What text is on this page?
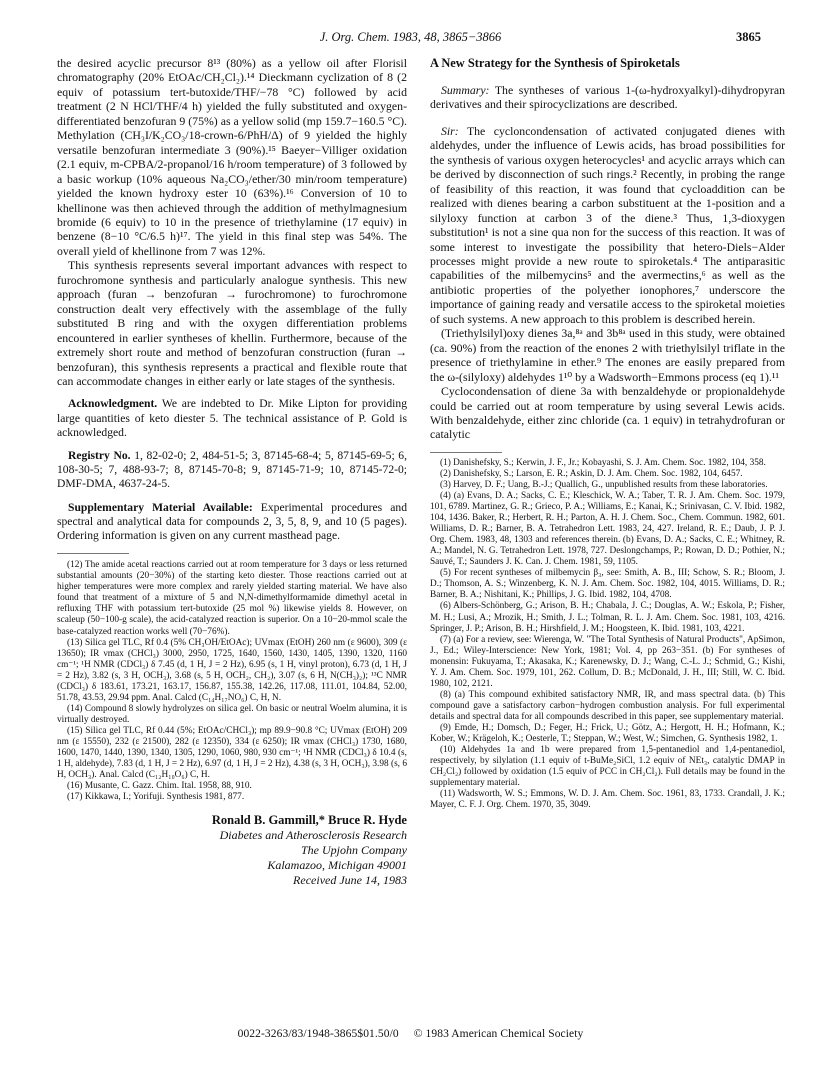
J. Org. Chem. 1983, 48, 3865−3866	3865

the desired acyclic precursor 8¹³ (80%) as a yellow oil after Florisil chromatography (20% EtOAc/CH₂Cl₂).¹⁴ Dieckmann cyclization of 8 (2 equiv of potassium tert-butoxide/THF/−78 °C) followed by acid treatment (2 N HCl/THF/4 h) yielded the fully substituted and oxygen-differentiated benzofuran 9 (75%) as a yellow solid (mp 159.7−160.5 °C). Methylation (CH₃I/K₂CO₃/18-crown-6/PhH/Δ) of 9 yielded the highly versatile benzofuran intermediate 3 (90%).¹⁵ Baeyer−Villiger oxidation (2.1 equiv, m-CPBA/2-propanol/16 h/room temperature) of 3 followed by a basic workup (10% aqueous Na₂CO₃/ether/30 min/room temperature) yielded the known hydroxy ester 10 (63%).¹⁶ Conversion of 10 to khellinone was then achieved through the addition of methylmagnesium bromide (6 equiv) to 10 in the presence of triethylamine (17 equiv) in benzene (8−10 °C/6.5 h)¹⁷. The yield in this final step was 54%. The overall yield of khellinone from 7 was 12%.

This synthesis represents several important advances with respect to furochromone synthesis and particularly analogue synthesis. This new approach (furan → benzofuran → furochromone) to furochromone construction dealt very effectively with the assemblage of the fully substituted B ring and with the oxygen differentiation problems encountered in earlier syntheses of khellin. Furthermore, because of the extremely short route and method of benzofuran construction (furan → benzofuran), this synthesis represents a practical and flexible route that can accommodate changes in either early or late stages of the synthesis.

Acknowledgment. We are indebted to Dr. Mike Lipton for providing large quantities of keto diester 5. The technical assistance of P. Gold is acknowledged.
Registry No. 1, 82-02-0; 2, 484-51-5; 3, 87145-68-4; 5, 87145-69-5; 6, 108-30-5; 7, 488-93-7; 8, 87145-70-8; 9, 87145-71-9; 10, 87145-72-0; DMF-DMA, 4637-24-5.
Supplementary Material Available: Experimental procedures and spectral and analytical data for compounds 2, 3, 5, 8, 9, and 10 (5 pages). Ordering information is given on any current masthead page.

(12) The amide acetal reactions carried out at room temperature for 3 days or less returned substantial amounts (20−30%) of the starting keto diester. Those reactions carried out at higher temperatures were more complex and rarely yielded starting material. We have also found that treatment of a mixture of 5 and N,N-dimethylformamide dimethyl acetal in refluxing THF with potassium tert-butoxide (25 mol %) likewise yields 8. However, on scaleup (50−100-g scale), the acid-catalyzed reaction is superior. On a 10−20-mmol scale the base-catalyzed reaction works well (70−76%).

(13) Silica gel TLC, Rf 0.4 (5% CH₃OH/EtOAc); UVmax (EtOH) 260 nm (ε 9600), 309 (ε 13650); IR νmax (CHCl₃) 3000, 2950, 1725, 1640, 1560, 1430, 1405, 1390, 1320, 1160 cm⁻¹; ¹H NMR (CDCl₃) δ 7.45 (d, 1 H, J = 2 Hz), 6.95 (s, 1 H, vinyl proton), 6.73 (d, 1 H, J = 2 Hz), 3.82 (s, 3 H, OCH₃), 3.68 (s, 5 H, OCH₂, CH₂), 3.07 (s, 6 H, N(CH₃)₂); ¹³C NMR (CDCl₃) δ 183.61, 173.21, 163.17, 156.87, 155.38, 142.26, 117.08, 111.01, 104.84, 52.00, 51.78, 43.53, 29.94 ppm. Anal. Calcd (C₁₄H₁₇NO₆) C, H, N.

(14) Compound 8 slowly hydrolyzes on silica gel. On basic or neutral Woelm alumina, it is virtually destroyed.

(15) Silica gel TLC, Rf 0.44 (5%; EtOAc/CHCl₃); mp 89.9−90.8 °C; UVmax (EtOH) 209 nm (ε 15550), 232 (ε 21500), 282 (ε 12350), 334 (ε 6250); IR νmax (CHCl₃) 1730, 1680, 1600, 1470, 1440, 1390, 1340, 1305, 1290, 1060, 980, 930 cm⁻¹; ¹H NMR (CDCl₃) δ 10.4 (s, 1 H, aldehyde), 7.83 (d, 1 H, J = 2 Hz), 6.97 (d, 1 H, J = 2 Hz), 4.38 (s, 3 H, OCH₃), 3.98 (s, 6 H, OCH₃). Anal. Calcd (C₁₂H₁₀O₆) C, H.

(16) Musante, C. Gazz. Chim. Ital. 1958, 88, 910.

(17) Kikkawa, I.; Yorifuji. Synthesis 1981, 877.

Ronald B. Gammill,* Bruce R. Hyde
Diabetes and Atherosclerosis Research
The Upjohn Company
Kalamazoo, Michigan 49001
Received June 14, 1983
A New Strategy for the Synthesis of Spiroketals
Summary: The syntheses of various 1-(ω-hydroxyalkyl)-dihydropyran derivatives and their spirocyclizations are described.

Sir: The cycloncondensation of activated conjugated dienes with aldehydes, under the influence of Lewis acids, has broad possibilities for the synthesis of various oxygen heterocycles¹ and acyclic arrays which can be derived by disconnection of such rings.² Recently, in probing the range of feasibility of this reaction, it was found that cycloaddition can be realized with dienes bearing a carbon substituent at the 1-position and a silyloxy function at carbon 3 of the diene.³ Thus, 1,3-dioxygen substitution¹ is not a sine qua non for the success of this reaction. It was of some interest to investigate the possibility that hetero-Diels−Alder processes might provide a new route to spiroketals.⁴ The antiparasitic capabilities of the milbemycins⁵ and the avermectins,⁶ as well as the antibiotic properties of the polyether ionophores,⁷ underscore the importance of gaining ready and versatile access to the spiroketal moieties of such systems. A new approach to this problem is described herein.

(Triethylsilyl)oxy dienes 3a,⁸ᵃ and 3b⁸ᵃ used in this study, were obtained (ca. 90%) from the reaction of the enones 2 with triethylsilyl triflate in the presence of triethylamine in ether.⁹ The enones are easily prepared from the ω-(silyloxy) aldehydes 1¹⁰ by a Wadsworth−Emmons process (eq 1).¹¹

Cyclocondensation of diene 3a with benzaldehyde or propionaldehyde could be carried out at room temperature by using several Lewis acids. With benzaldehyde, either zinc chloride (ca. 1 equiv) in tetrahydrofuran or catalytic

(1) Danishefsky, S.; Kerwin, J. F., Jr.; Kobayashi, S. J. Am. Chem. Soc. 1982, 104, 358.

(2) Danishefsky, S.; Larson, E. R.; Askin, D. J. Am. Chem. Soc. 1982, 104, 6457.

(3) Harvey, D. F.; Uang, B.-J.; Quallich, G., unpublished results from these laboratories.

(4) (a) Evans, D. A.; Sacks, C. E.; Kleschick, W. A.; Taber, T. R. J. Am. Chem. Soc. 1979, 101, 6789. Martinez, G. R.; Grieco, P. A.; Williams, E.; Kanai, K.; Srinivasan, C. V. Ibid. 1982, 104, 1436. Baker, R.; Herbert, R. H.; Parton, A. H. J. Chem. Soc., Chem. Commun. 1982, 601. Williams, D. R.; Barner, B. A. Tetrahedron Lett. 1983, 24, 427. Ireland, R. E.; Daub, J. P. J. Org. Chem. 1983, 48, 1303 and references therein. (b) Evans, D. A.; Sacks, C. E.; Whitney, R. A.; Mandel, N. G. Tetrahedron Lett. 1978, 727. Deslongchamps, P.; Rowan, D. D.; Pothier, N.; Sauvé, T.; Saunders J. K. Can. J. Chem. 1981, 59, 1105.

(5) For recent syntheses of milbemycin β₃, see: Smith, A. B., III; Schow, S. R.; Bloom, J. D.; Thomson, A. S.; Winzenberg, K. N. J. Am. Chem. Soc. 1982, 104, 4015. Williams, D. R.; Barner, B. A.; Nishitani, K.; Phillips, J. G. Ibid. 1982, 104, 4708.

(6) Albers-Schönberg, G.; Arison, B. H.; Chabala, J. C.; Douglas, A. W.; Eskola, P.; Fisher, M. H.; Lusi, A.; Mrozik, H.; Smith, J. L.; Tolman, R. L. J. Am. Chem. Soc. 1981, 103, 4216. Springer, J. P.; Arison, B. H.; Hirshfield, J. M.; Hoogsteen, K. Ibid. 1981, 103, 4221.

(7) (a) For a review, see: Wierenga, W. "The Total Synthesis of Natural Products", ApSimon, J., Ed.; Wiley-Interscience: New York, 1981; Vol. 4, pp 263−351. (b) For syntheses of monensin: Fukuyama, T.; Akasaka, K.; Karenewsky, D. J.; Wang, C.-L. J.; Schmid, G.; Kishi, Y. J. Am. Chem. Soc. 1979, 101, 262. Collum, D. B.; McDonald, J. H., III; Still, W. C. Ibid. 1980, 102, 2121.

(8) (a) This compound exhibited satisfactory NMR, IR, and mass spectral data. (b) This compound gave a satisfactory carbon−hydrogen combustion analysis. For full experimental details and spectral data for all compounds described in this paper, see supplementary material.

(9) Emde, H.; Domsch, D.; Feger, H.; Frick, U.; Götz, A.; Hergott, H. H.; Hofmann, K.; Kober, W.; Krägeloh, K.; Oesterle, T.; Steppan, W.; West, W.; Simchen, G. Synthesis 1982, 1.

(10) Aldehydes 1a and 1b were prepared from 1,5-pentanediol and 1,4-pentanediol, respectively, by silylation (1.1 equiv of t-BuMe₂SiCl, 1.2 equiv of NEt₃, catalytic DMAP in CH₂Cl₂) followed by oxidation (1.5 equiv of PCC in CH₂Cl₂). Full details may be found in the supplementary material.

(11) Wadsworth, W. S.; Emmons, W. D. J. Am. Chem. Soc. 1961, 83, 1733. Crandall, J. K.; Mayer, C. F. J. Org. Chem. 1970, 35, 3049.

0022-3263/83/1948-3865$01.50/0 © 1983 American Chemical Society
